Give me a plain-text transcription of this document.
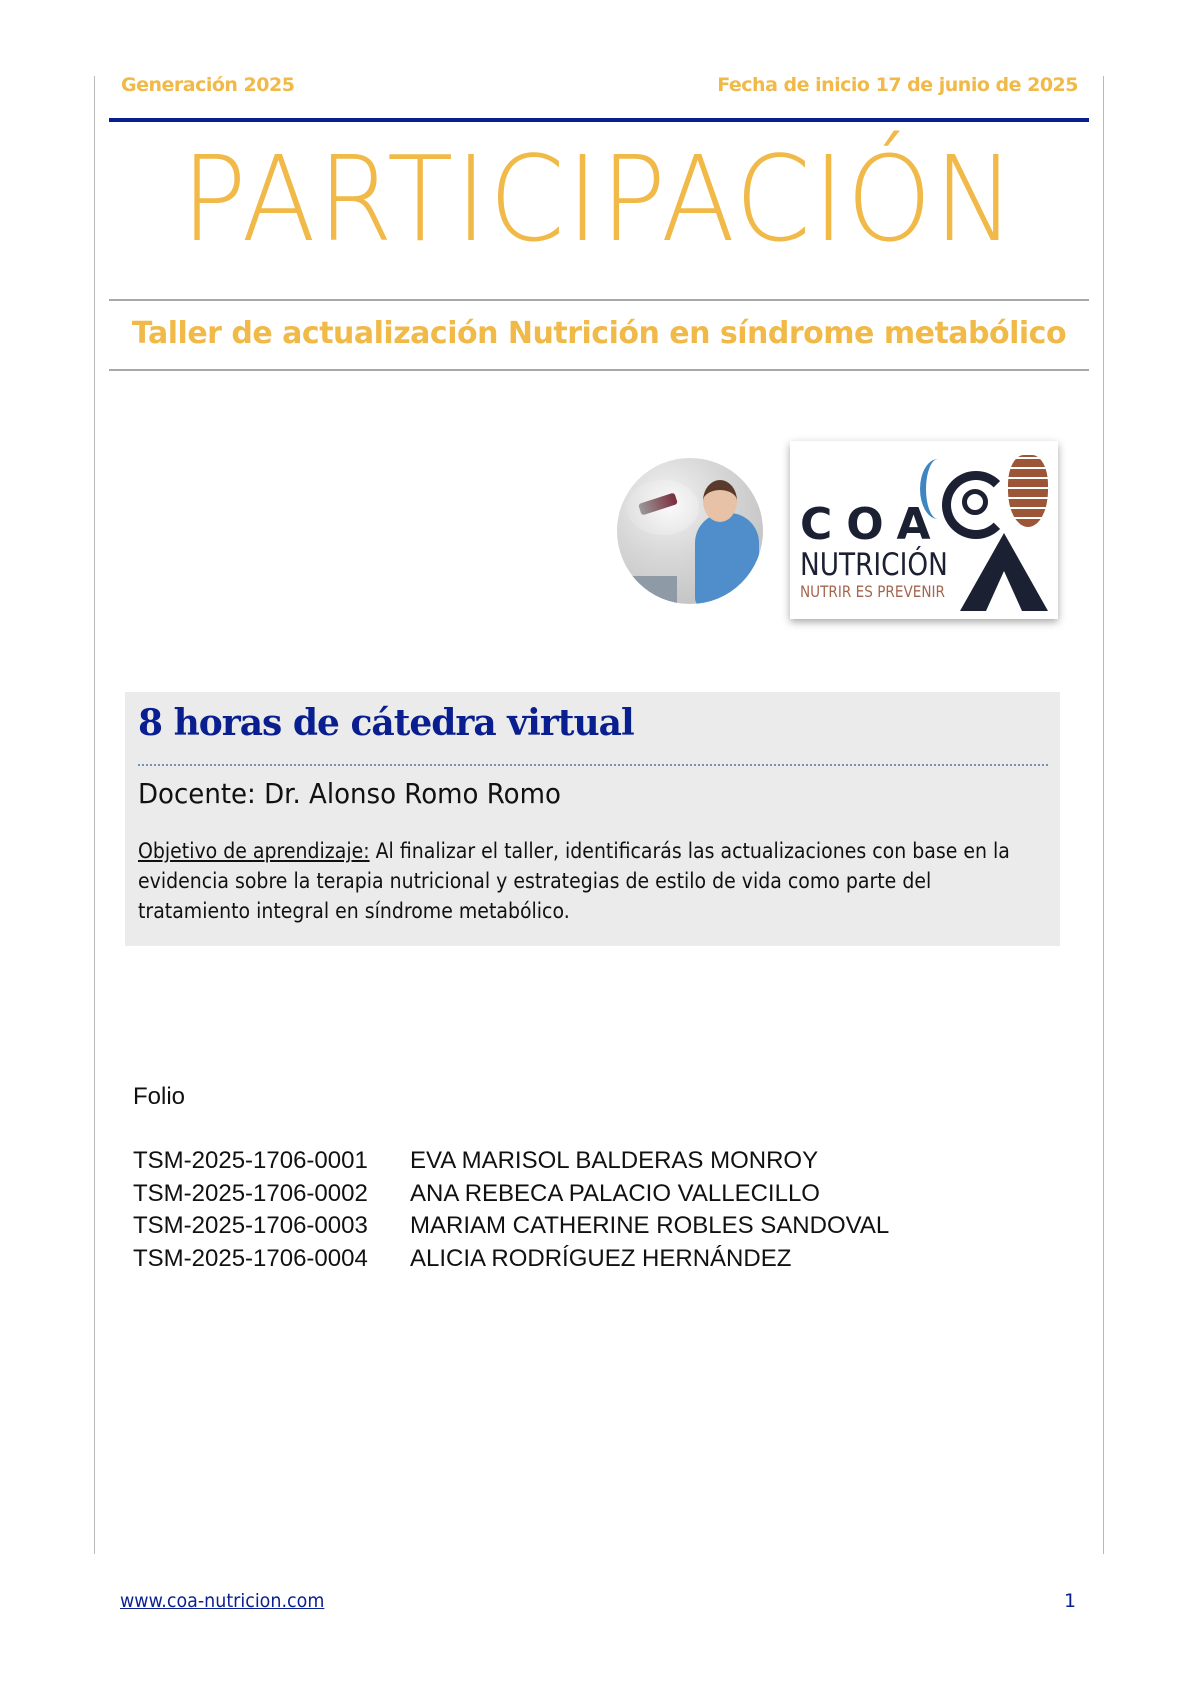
Generación 2025	Fecha de inicio 17 de junio de 2025
PARTICIPACIÓN
Taller de actualización Nutrición en síndrome metabólico
COA
NUTRICIÓN
NUTRIR ES PREVENIR
8 horas de cátedra virtual
Docente: Dr. Alonso Romo Romo
Objetivo de aprendizaje: Al finalizar el taller, identificarás las actualizaciones con base en la evidencia sobre la terapia nutricional y estrategias de estilo de vida como parte del tratamiento integral en síndrome metabólico.
Folio
TSM-2025-1706-0001 EVA MARISOL BALDERAS MONROY
TSM-2025-1706-0002 ANA REBECA PALACIO VALLECILLO
TSM-2025-1706-0003 MARIAM CATHERINE ROBLES SANDOVAL
TSM-2025-1706-0004 ALICIA RODRÍGUEZ HERNÁNDEZ
www.coa-nutricion.com	1
